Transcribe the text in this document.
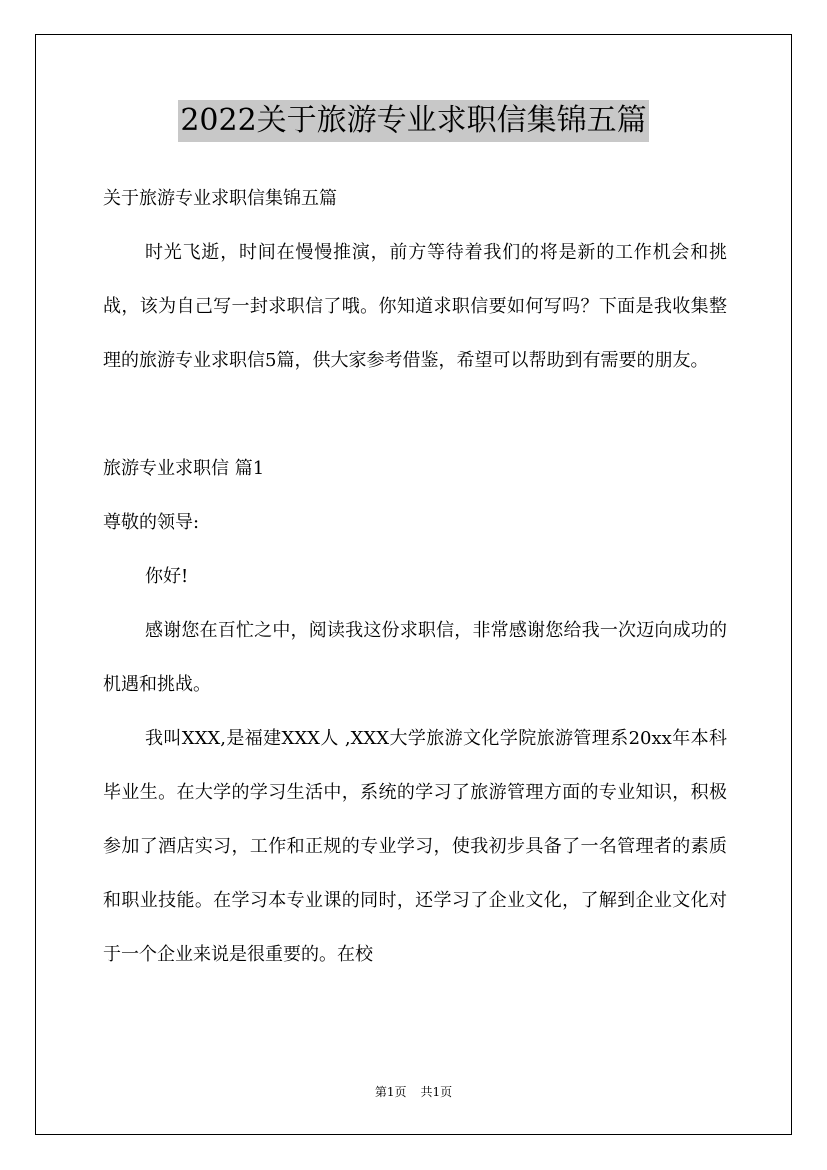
2022关于旅游专业求职信集锦五篇

关于旅游专业求职信集锦五篇

时光飞逝，时间在慢慢推演，前方等待着我们的将是新的工作机会和挑战，该为自己写一封求职信了哦。你知道求职信要如何写吗？下面是我收集整理的旅游专业求职信5篇，供大家参考借鉴，希望可以帮助到有需要的朋友。

旅游专业求职信 篇1

尊敬的领导:

你好!

感谢您在百忙之中，阅读我这份求职信，非常感谢您给我一次迈向成功的机遇和挑战。

我叫XXX,是福建XXX人 ,XXX大学旅游文化学院旅游管理系20xx年本科毕业生。在大学的学习生活中，系统的学习了旅游管理方面的专业知识，积极参加了酒店实习，工作和正规的专业学习，使我初步具备了一名管理者的素质和职业技能。在学习本专业课的同时，还学习了企业文化，了解到企业文化对于一个企业来说是很重要的。在校

第1页 共1页
